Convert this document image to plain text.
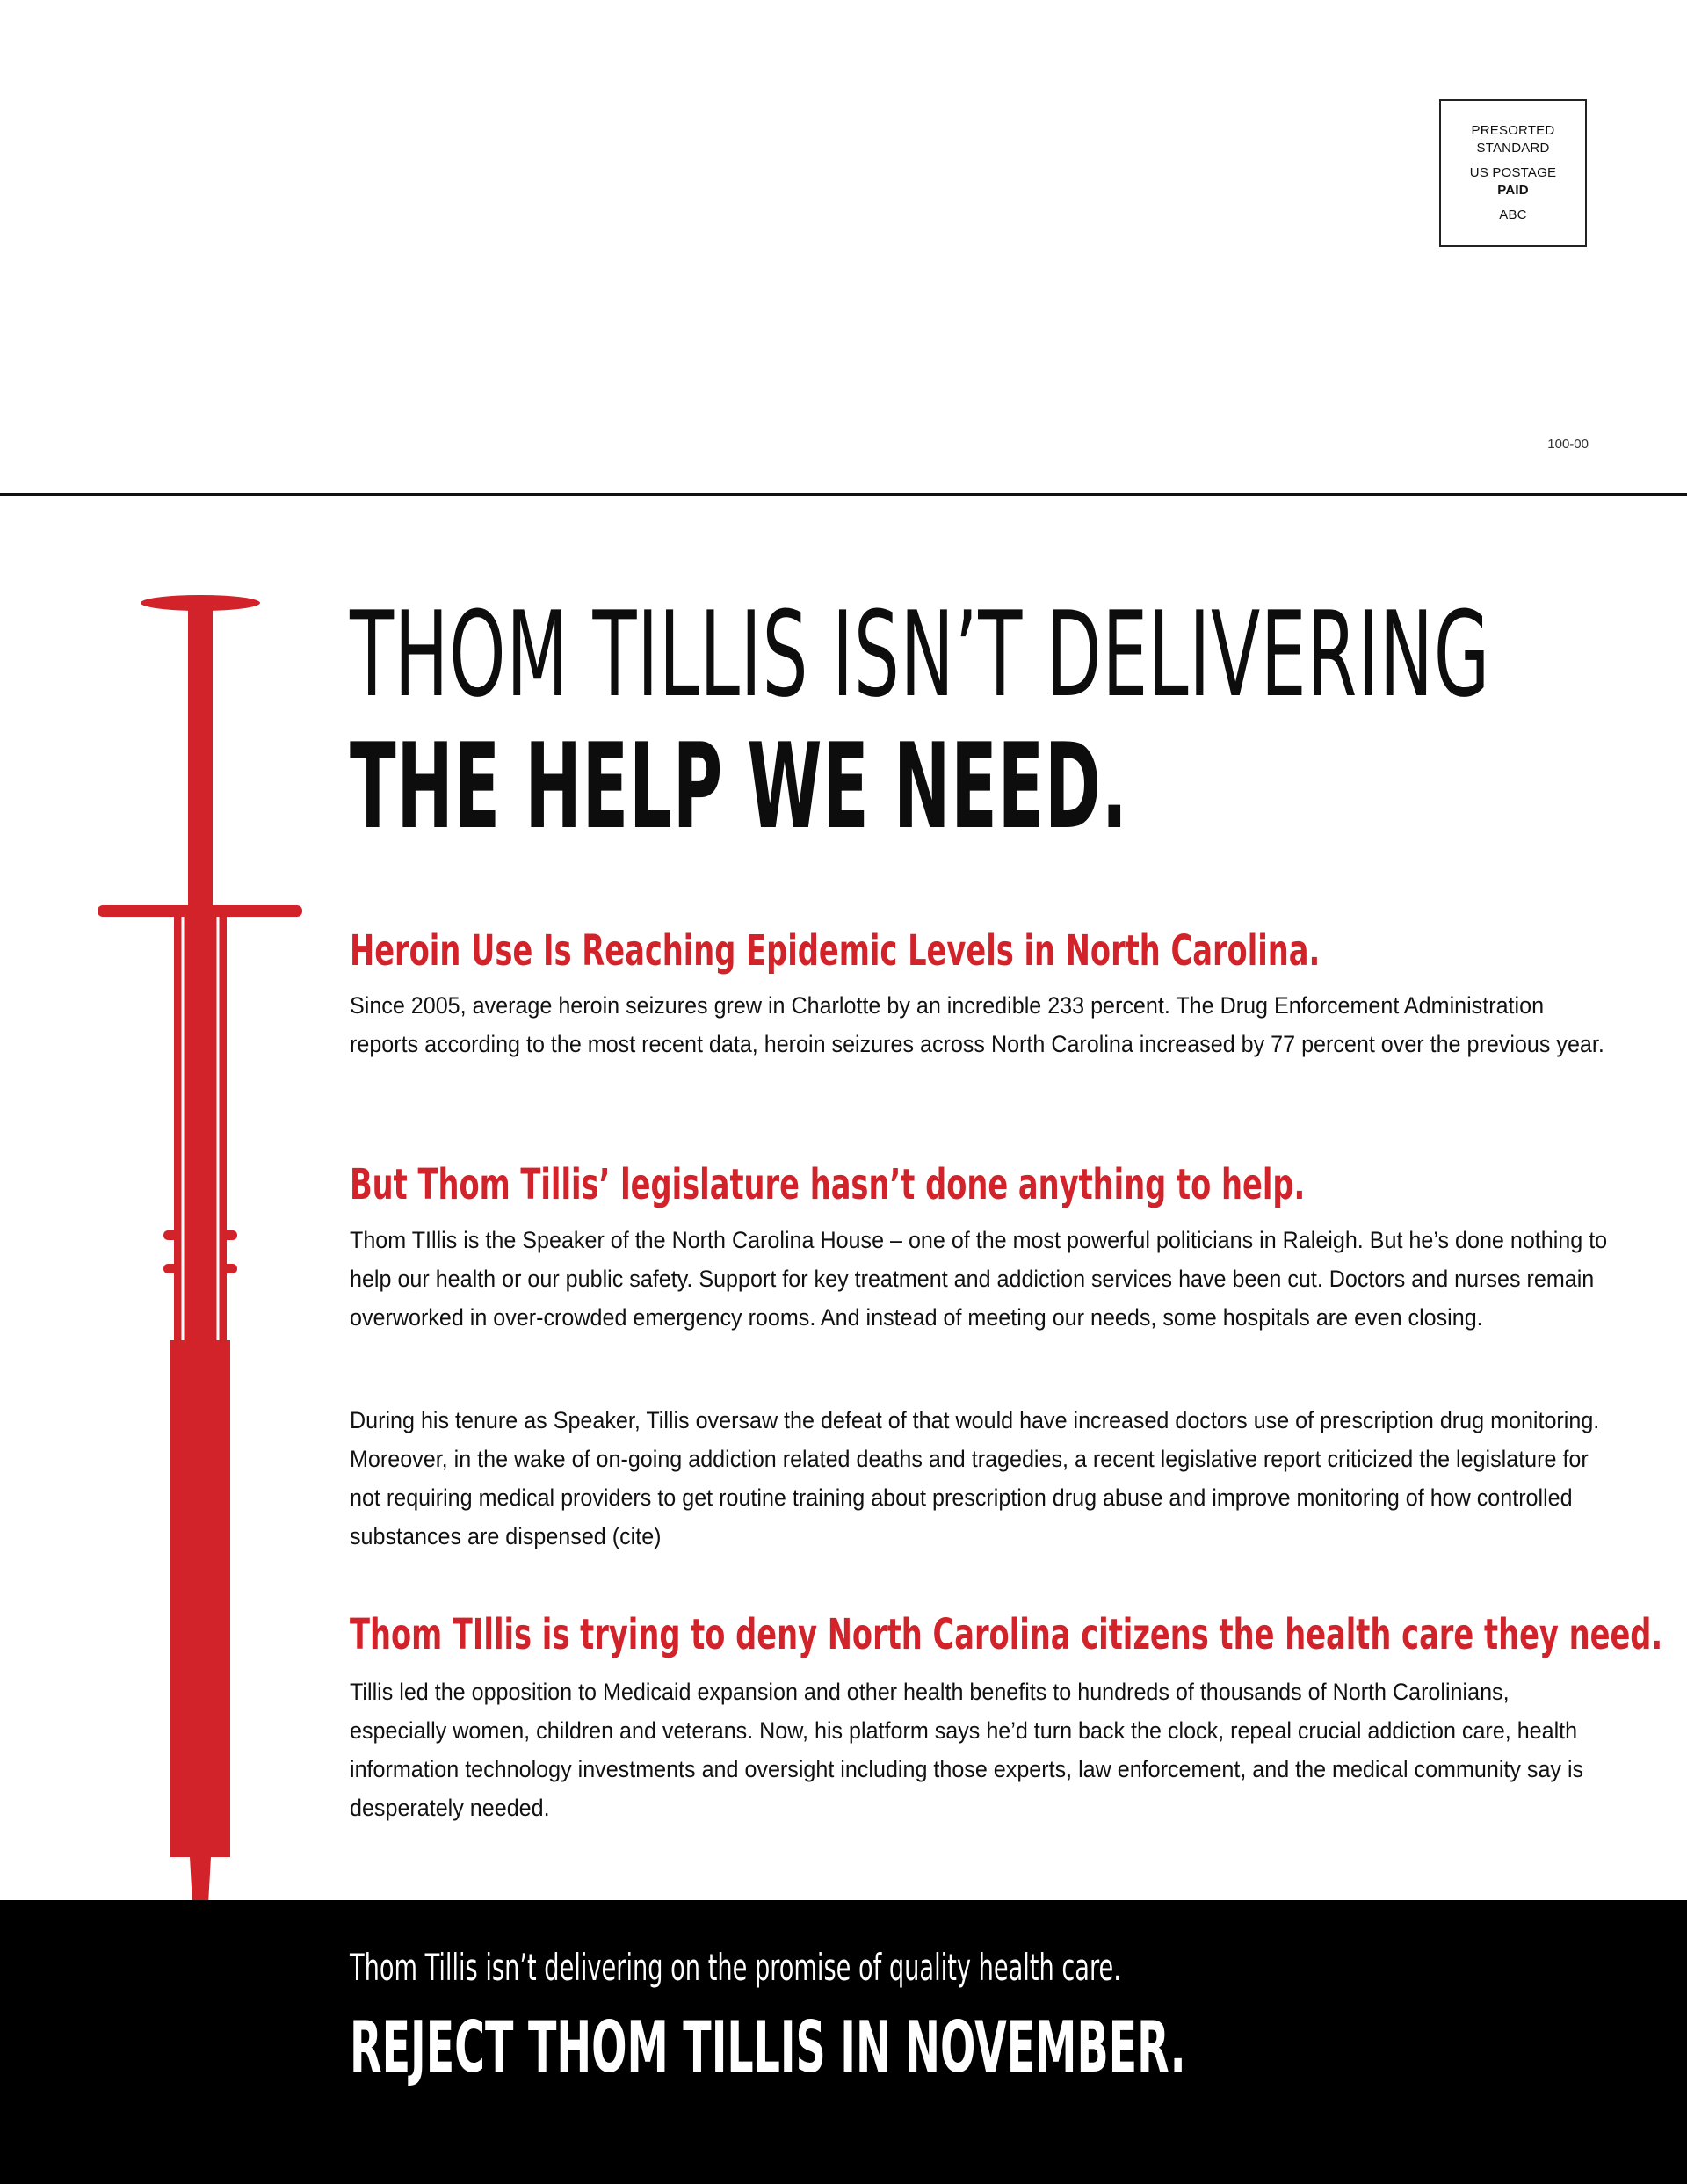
PRESORTED
STANDARD
US POSTAGE
PAID
ABC
100-00
THOM TILLIS ISN’T DELIVERING
THE HELP WE NEED.
Heroin Use Is Reaching Epidemic Levels in North Carolina.

Since 2005, average heroin seizures grew in Charlotte by an incredible 233 percent. The Drug Enforcement Administration reports according to the most recent data, heroin seizures across North Carolina increased by 77 percent over the previous year.

But Thom Tillis’ legislature hasn’t done anything to help.

Thom TIllis is the Speaker of the North Carolina House – one of the most powerful politicians in Raleigh. But he’s done nothing to help our health or our public safety. Support for key treatment and addiction services have been cut. Doctors and nurses remain overworked in over-crowded emergency rooms. And instead of meeting our needs, some hospitals are even closing.

During his tenure as Speaker, Tillis oversaw the defeat of that would have increased doctors use of prescription drug monitoring. Moreover, in the wake of on-going addiction related deaths and tragedies, a recent legislative report criticized the legislature for not requiring medical providers to get routine training about prescription drug abuse and improve monitoring of how controlled substances are dispensed (cite)

Thom TIllis is trying to deny North Carolina citizens the health care they need.

Tillis led the opposition to Medicaid expansion and other health benefits to hundreds of thousands of North Carolinians, especially women, children and veterans. Now, his platform says he’d turn back the clock, repeal crucial addiction care, health information technology investments and oversight including those experts, law enforcement, and the medical community say is desperately needed.

Thom Tillis isn’t delivering on the promise of quality health care.

REJECT THOM TILLIS IN NOVEMBER.
